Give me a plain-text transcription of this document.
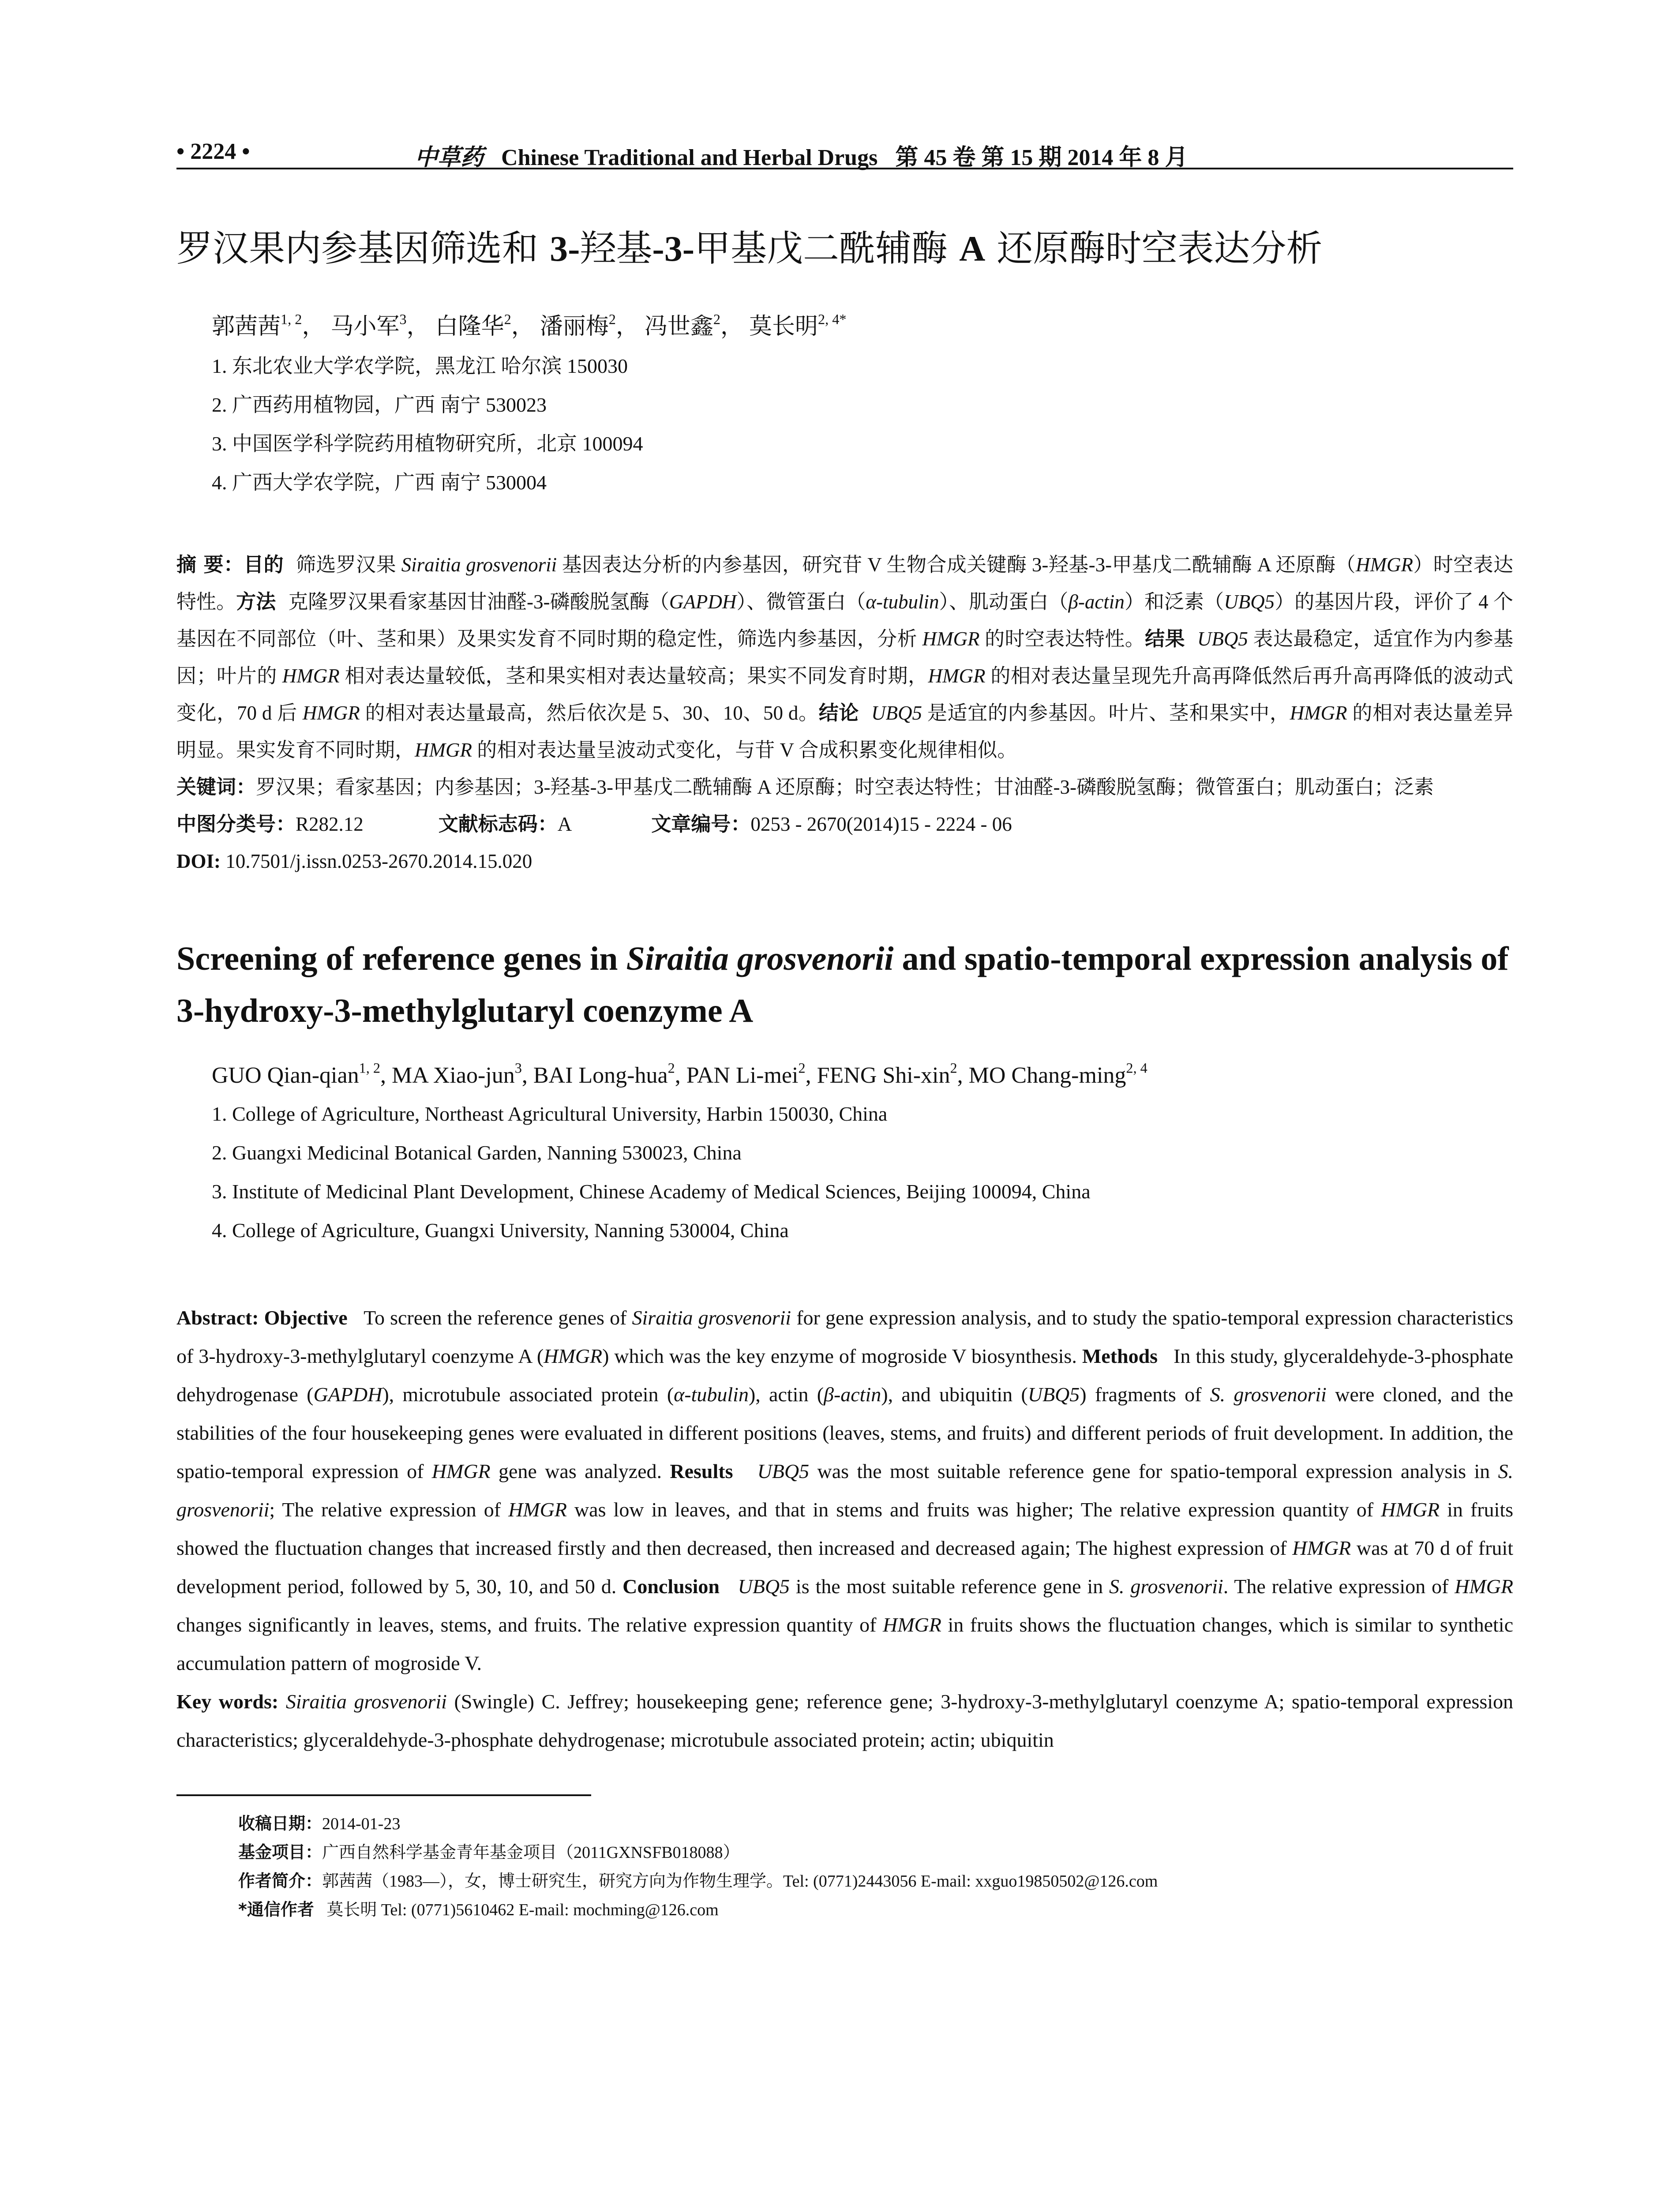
• 2224 •	中草药 Chinese Traditional and Herbal Drugs 第 45 卷 第 15 期 2014 年 8 月
罗汉果内参基因筛选和 3-羟基-3-甲基戊二酰辅酶 A 还原酶时空表达分析
郭茜茜$^{1, 2}$， 马小军$^3$， 白隆华$^2$， 潘丽梅$^2$， 冯世鑫$^2$， 莫长明$^{2, 4*}$
1. 东北农业大学农学院，黑龙江 哈尔滨 150030
2. 广西药用植物园，广西 南宁 530023
3. 中国医学科学院药用植物研究所，北京 100094
4. 广西大学农学院，广西 南宁 530004
摘 要：目的 筛选罗汉果 Siraitia grosvenorii 基因表达分析的内参基因，研究苷 V 生物合成关键酶 3-羟基-3-甲基戊二酰辅酶 A 还原酶（HMGR）时空表达特性。方法 克隆罗汉果看家基因甘油醛-3-磷酸脱氢酶（GAPDH）、微管蛋白（α-tubulin）、肌动蛋白（β-actin）和泛素（UBQ5）的基因片段，评价了 4 个基因在不同部位（叶、茎和果）及果实发育不同时期的稳定性，筛选内参基因，分析 HMGR 的时空表达特性。结果 UBQ5 表达最稳定，适宜作为内参基因；叶片的 HMGR 相对表达量较低，茎和果实相对表达量较高；果实不同发育时期，HMGR 的相对表达量呈现先升高再降低然后再升高再降低的波动式变化，70 d 后 HMGR 的相对表达量最高，然后依次是 5、30、10、50 d。结论 UBQ5 是适宜的内参基因。叶片、茎和果实中，HMGR 的相对表达量差异明显。果实发育不同时期，HMGR 的相对表达量呈波动式变化，与苷 V 合成积累变化规律相似。
关键词：罗汉果；看家基因；内参基因；3-羟基-3-甲基戊二酰辅酶 A 还原酶；时空表达特性；甘油醛-3-磷酸脱氢酶；微管蛋白；肌动蛋白；泛素
中图分类号：R282.12	文献标志码：A	文章编号：0253 - 2670(2014)15 - 2224 - 06
DOI: 10.7501/j.issn.0253-2670.2014.15.020
Screening of reference genes in Siraitia grosvenorii and spatio-temporal expression analysis of 3-hydroxy-3-methylglutaryl coenzyme A
GUO Qian-qian$^{1, 2}$, MA Xiao-jun$^3$, BAI Long-hua$^2$, PAN Li-mei$^2$, FENG Shi-xin$^2$, MO Chang-ming$^{2, 4}$
1. College of Agriculture, Northeast Agricultural University, Harbin 150030, China
2. Guangxi Medicinal Botanical Garden, Nanning 530023, China
3. Institute of Medicinal Plant Development, Chinese Academy of Medical Sciences, Beijing 100094, China
4. College of Agriculture, Guangxi University, Nanning 530004, China
Abstract: Objective To screen the reference genes of Siraitia grosvenorii for gene expression analysis, and to study the spatio-temporal expression characteristics of 3-hydroxy-3-methylglutaryl coenzyme A (HMGR) which was the key enzyme of mogroside V biosynthesis. Methods In this study, glyceraldehyde-3-phosphate dehydrogenase (GAPDH), microtubule associated protein (α-tubulin), actin (β-actin), and ubiquitin (UBQ5) fragments of S. grosvenorii were cloned, and the stabilities of the four housekeeping genes were evaluated in different positions (leaves, stems, and fruits) and different periods of fruit development. In addition, the spatio-temporal expression of HMGR gene was analyzed. Results UBQ5 was the most suitable reference gene for spatio-temporal expression analysis in S. grosvenorii; The relative expression of HMGR was low in leaves, and that in stems and fruits was higher; The relative expression quantity of HMGR in fruits showed the fluctuation changes that increased firstly and then decreased, then increased and decreased again; The highest expression of HMGR was at 70 d of fruit development period, followed by 5, 30, 10, and 50 d. Conclusion UBQ5 is the most suitable reference gene in S. grosvenorii. The relative expression of HMGR changes significantly in leaves, stems, and fruits. The relative expression quantity of HMGR in fruits shows the fluctuation changes, which is similar to synthetic accumulation pattern of mogroside V.
Key words: Siraitia grosvenorii (Swingle) C. Jeffrey; housekeeping gene; reference gene; 3-hydroxy-3-methylglutaryl coenzyme A; spatio-temporal expression characteristics; glyceraldehyde-3-phosphate dehydrogenase; microtubule associated protein; actin; ubiquitin
收稿日期：2014-01-23
基金项目：广西自然科学基金青年基金项目（2011GXNSFB018088）
作者简介：郭茜茜（1983—），女，博士研究生，研究方向为作物生理学。Tel: (0771)2443056 E-mail: xxguo19850502@126.com
*通信作者 莫长明 Tel: (0771)5610462 E-mail: mochming@126.com
